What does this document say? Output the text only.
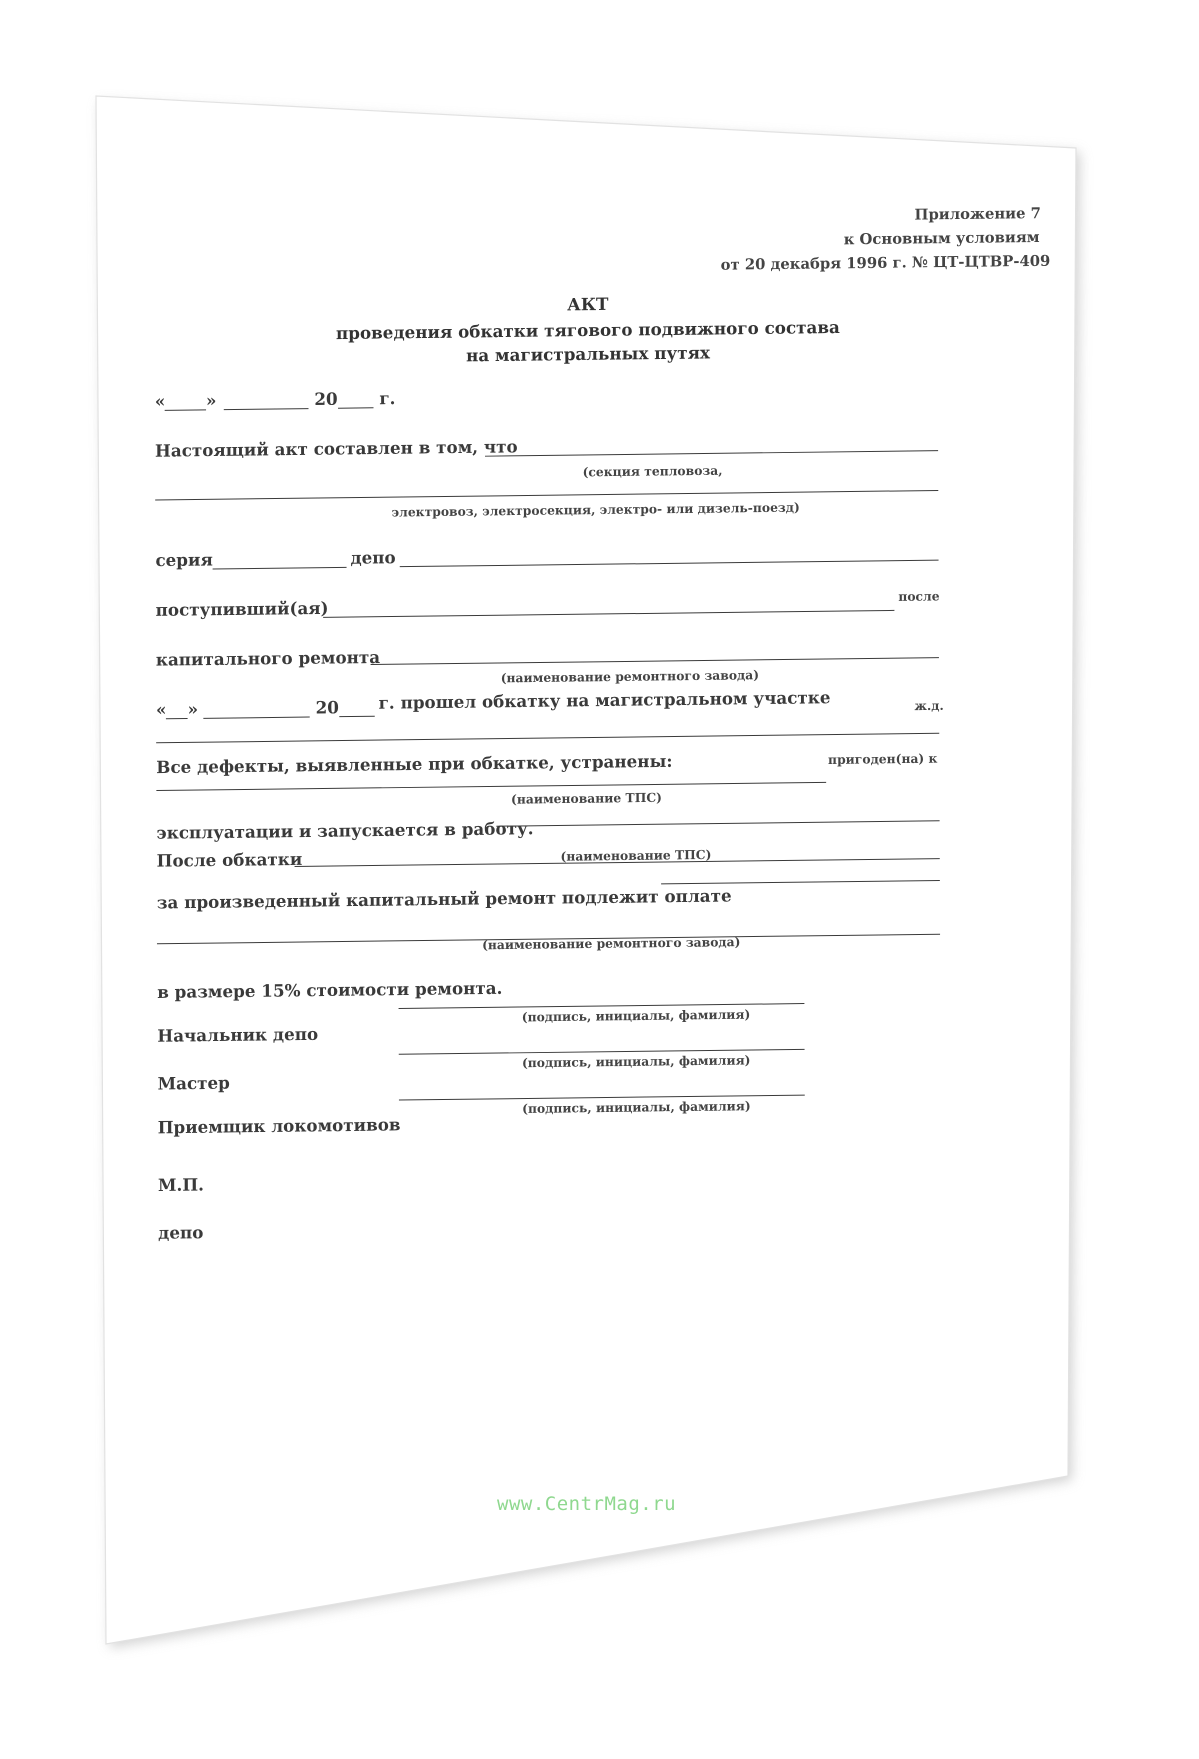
Приложение 7
к Основным условиям
от 20 декабря 1996 г. № ЦТ-ЦТВР-409
АКТ
проведения обкатки тягового подвижного состава
на магистральных путях
« »	20 г.
Настоящий акт составлен в том, что
(секция тепловоза,
электровоз, электросекция, электро- или дизель-поезд)
серия	депо
поступивший(ая)
после
капитального ремонта
(наименование ремонтного завода)
« »	20 г. прошел обкатку на магистральном участке	ж.д.
Все дефекты, выявленные при обкатке, устранены:	пригоден(на) к
(наименование ТПС)
эксплуатации и запускается в работу.
После обкатки	(наименование ТПС)
за произведенный капитальный ремонт подлежит оплате
(наименование ремонтного завода)
в размере 15% стоимости ремонта.
Начальник депо
(подпись, инициалы, фамилия)
Мастер
(подпись, инициалы, фамилия)
Приемщик локомотивов
(подпись, инициалы, фамилия)
М.П.
депо
www.CentrMag.ru
